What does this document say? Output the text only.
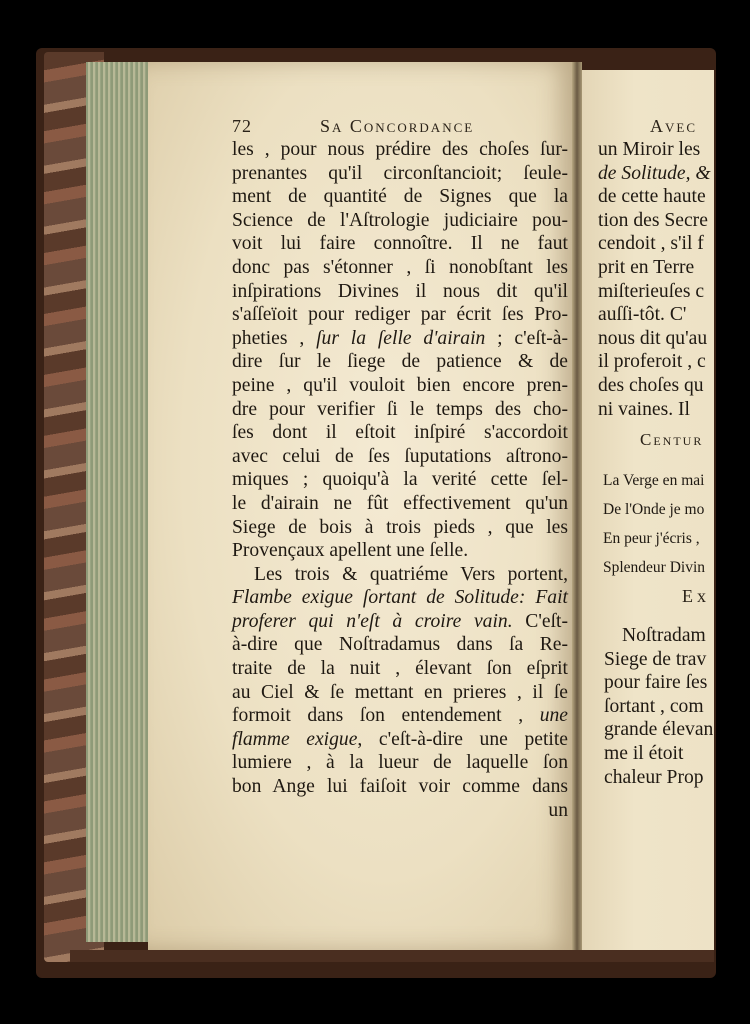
72	Sa Concordance
les , pour nous prédire des choſes ſur-
prenantes qu'il circonſtancioit; ſeule-
ment de quantité de Signes que la
Science de l'Aſtrologie judiciaire pou-
voit lui faire connoître. Il ne faut
donc pas s'étonner , ſi nonobſtant les
inſpirations Divines il nous dit qu'il
s'aſſeïoit pour rediger par écrit ſes Pro-
pheties , ſur la ſelle d'airain ; c'eſt-à-
dire ſur le ſiege de patience & de
peine , qu'il vouloit bien encore pren-
dre pour verifier ſi le temps des cho-
ſes dont il eſtoit inſpiré s'accordoit
avec celui de ſes ſuputations aſtrono-
miques ; quoiqu'à la verité cette ſel-
le d'airain ne fût effectivement qu'un
Siege de bois à trois pieds , que les
Provençaux apellent une ſelle.
Les trois & quatriéme Vers portent,
Flambe exigue ſortant de Solitude: Fait
proferer qui n'eſt à croire vain. C'eſt-
à-dire que Noſtradamus dans ſa Re-
traite de la nuit , élevant ſon eſprit
au Ciel & ſe mettant en prieres , il ſe
formoit dans ſon entendement , une
flamme exigue, c'eſt-à-dire une petite
lumiere , à la lueur de laquelle ſon
bon Ange lui faiſoit voir comme dans
un
Avec
un Miroir les
de Solitude, &
de cette haute
tion des Secre
cendoit , s'il f
prit en Terre
miſterieuſes c
auſſi-tôt. C'
nous dit qu'au
il proferoit , c
des choſes qu
ni vaines. Il
Centur
La Verge en mai
De l'Onde je mo
En peur j'écris ,
Splendeur Divin
Ex
Noſtradam
Siege de trav
pour faire ſes
ſortant , com
grande élevan
me il étoit
chaleur Prop
